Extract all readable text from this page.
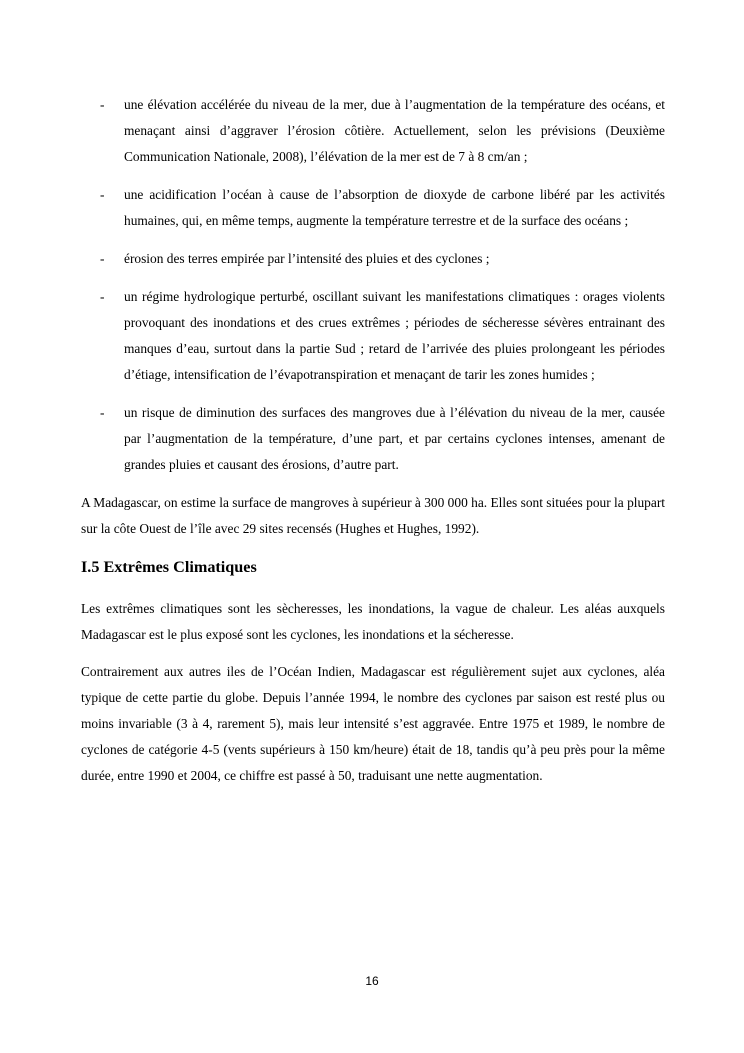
- une élévation accélérée du niveau de la mer, due à l’augmentation de la température des océans, et menaçant ainsi d’aggraver l’érosion côtière. Actuellement, selon les prévisions (Deuxième Communication Nationale, 2008), l’élévation de la mer est de 7 à 8 cm/an ;
- une acidification l’océan à cause de l’absorption de dioxyde de carbone libéré par les activités humaines, qui, en même temps, augmente la température terrestre et de la surface des océans ;
- érosion des terres empirée par l’intensité des pluies et des cyclones ;
- un régime hydrologique perturbé, oscillant suivant les manifestations climatiques : orages violents provoquant des inondations et des crues extrêmes ; périodes de sécheresse sévères entrainant des manques d’eau, surtout dans la partie Sud ; retard de l’arrivée des pluies prolongeant les périodes d’étiage, intensification de l’évapotranspiration et menaçant de tarir les zones humides ;
- un risque de diminution des surfaces des mangroves due à l’élévation du niveau de la mer, causée par l’augmentation de la température, d’une part, et par certains cyclones intenses, amenant de grandes pluies et causant des érosions, d’autre part.

A Madagascar, on estime la surface de mangroves à supérieur à 300 000 ha. Elles sont situées pour la plupart sur la côte Ouest de l’île avec 29 sites recensés (Hughes et Hughes, 1992).

I.5 Extrêmes Climatiques

Les extrêmes climatiques sont les sècheresses, les inondations, la vague de chaleur. Les aléas auxquels Madagascar est le plus exposé sont les cyclones, les inondations et la sécheresse.

Contrairement aux autres iles de l’Océan Indien, Madagascar est régulièrement sujet aux cyclones, aléa typique de cette partie du globe. Depuis l’année 1994, le nombre des cyclones par saison est resté plus ou moins invariable (3 à 4, rarement 5), mais leur intensité s’est aggravée. Entre 1975 et 1989, le nombre de cyclones de catégorie 4-5 (vents supérieurs à 150 km/heure) était de 18, tandis qu’à peu près pour la même durée, entre 1990 et 2004, ce chiffre est passé à 50, traduisant une nette augmentation.

16
